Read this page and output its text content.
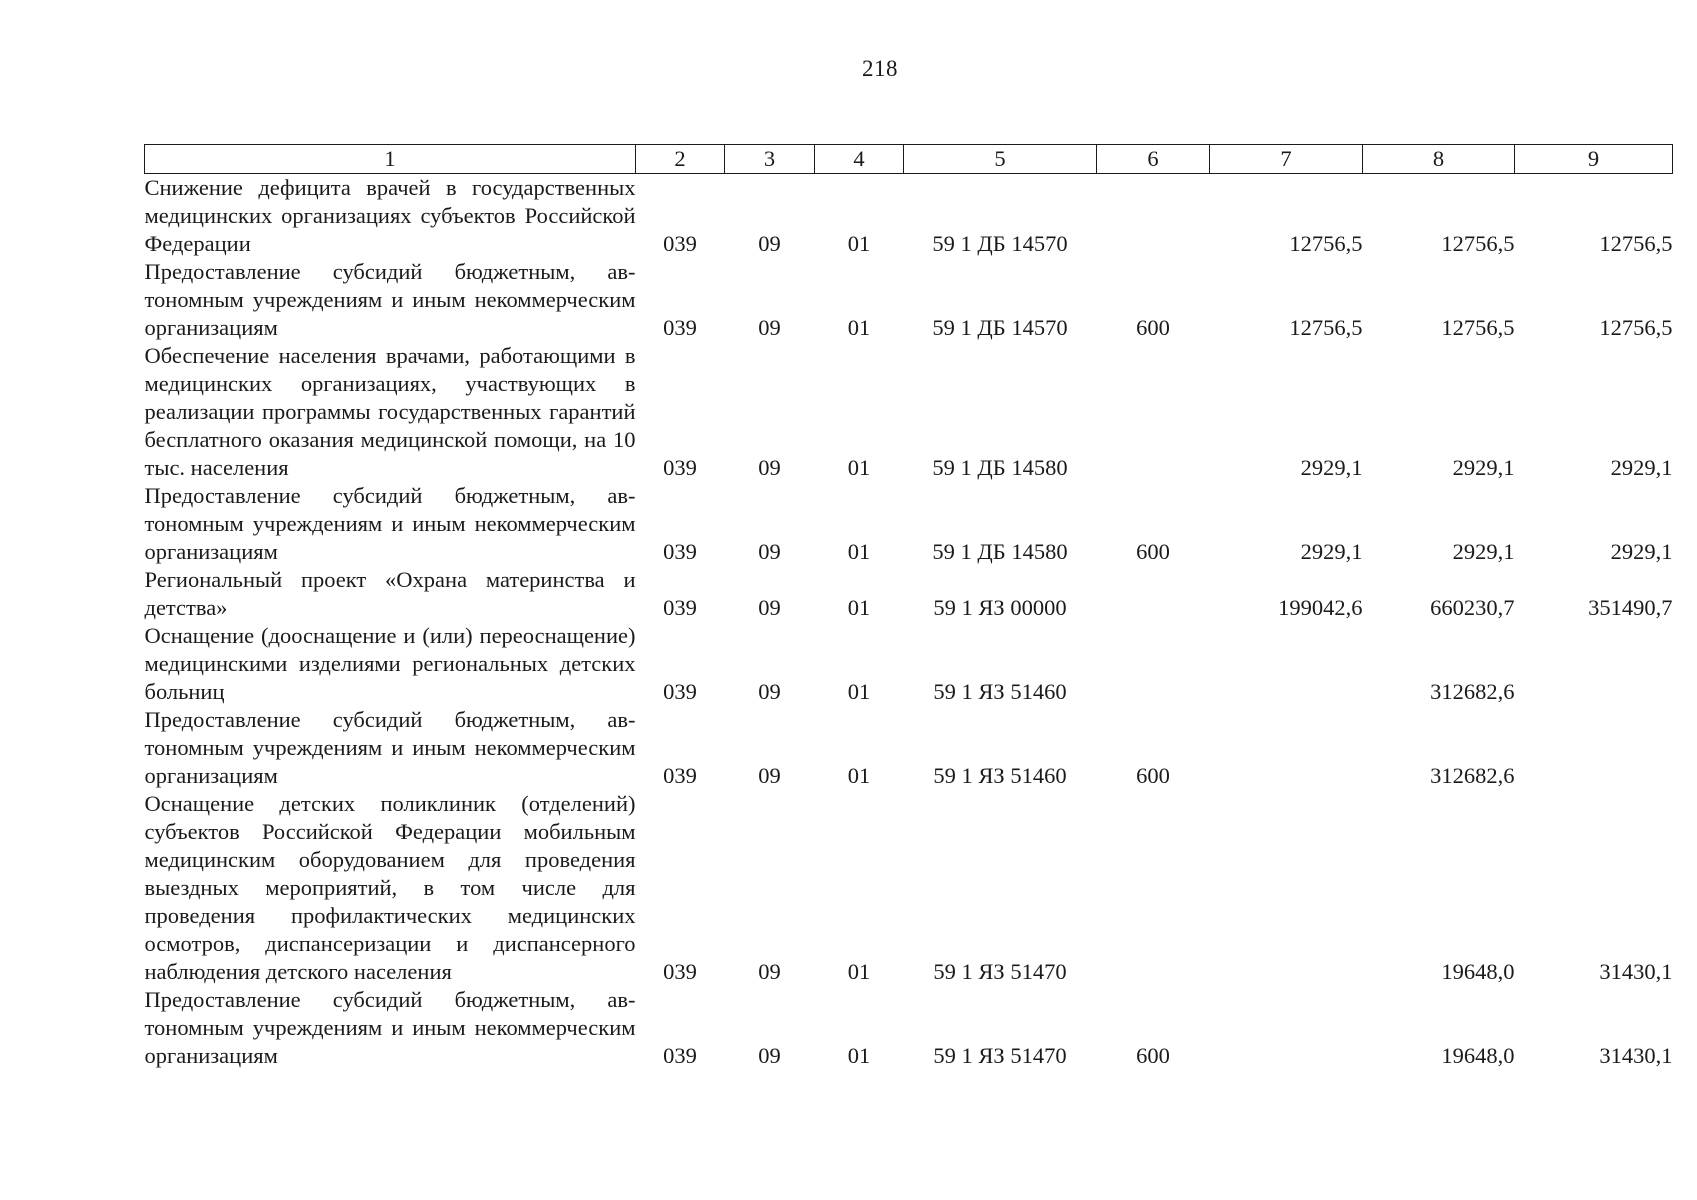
218
1	2	3	4	5	6	7	8	9
Снижение дефицита врачей в государственных медицинских организациях субъектов Российской Федерации	039	09	01	59 1 ДБ 14570		12756,5	12756,5	12756,5
Предоставление субсидий бюджетным, автономным учреждениям и иным некоммерческим организациям	039	09	01	59 1 ДБ 14570	600	12756,5	12756,5	12756,5
Обеспечение населения врачами, работающими в медицинских организациях, участвующих в реализации программы государственных гарантий бесплатного оказания медицинской помощи, на 10 тыс. населения	039	09	01	59 1 ДБ 14580		2929,1	2929,1	2929,1
Предоставление субсидий бюджетным, автономным учреждениям и иным некоммерческим организациям	039	09	01	59 1 ДБ 14580	600	2929,1	2929,1	2929,1
Региональный проект «Охрана материнства и детства»	039	09	01	59 1 ЯЗ 00000		199042,6	660230,7	351490,7
Оснащение (дооснащение и (или) переоснащение) медицинскими изделиями региональных детских больниц	039	09	01	59 1 ЯЗ 51460			312682,6	
Предоставление субсидий бюджетным, автономным учреждениям и иным некоммерческим организациям	039	09	01	59 1 ЯЗ 51460	600		312682,6	
Оснащение детских поликлиник (отделений) субъектов Российской Федерации мобильным медицинским оборудованием для проведения выездных мероприятий, в том числе для проведения профилактических медицинских осмотров, диспансеризации и диспансерного наблюдения детского населения	039	09	01	59 1 ЯЗ 51470			19648,0	31430,1
Предоставление субсидий бюджетным, автономным учреждениям и иным некоммерческим организациям	039	09	01	59 1 ЯЗ 51470	600		19648,0	31430,1
